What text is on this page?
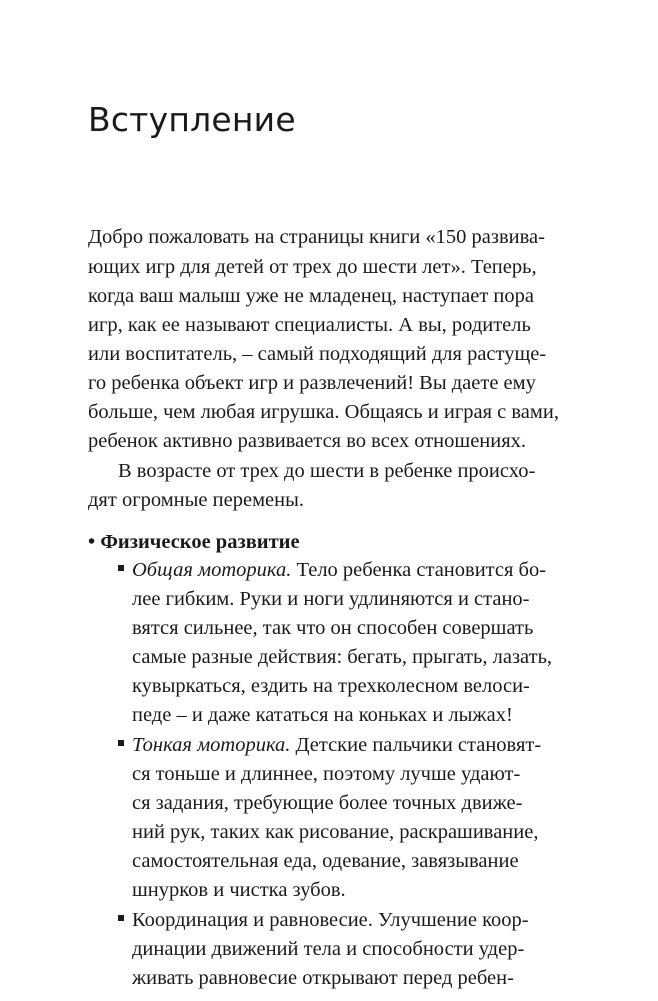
Вступление
Добро пожаловать на страницы книги «150 развива-
ющих игр для детей от трех до шести лет». Теперь,
когда ваш малыш уже не младенец, наступает пора
игр, как ее называют специалисты. А вы, родитель
или воспитатель, – самый подходящий для растуще-
го ребенка объект игр и развлечений! Вы даете ему
больше, чем любая игрушка. Общаясь и играя с вами,
ребенок активно развивается во всех отношениях.
В возрасте от трех до шести в ребенке происхо-
дят огромные перемены.
• Физическое развитие
Общая моторика. Тело ребенка становится бо-
лее гибким. Руки и ноги удлиняются и стано-
вятся сильнее, так что он способен совершать
самые разные действия: бегать, прыгать, лазать,
кувыркаться, ездить на трехколесном велоси-
педе – и даже кататься на коньках и лыжах!
Тонкая моторика. Детские пальчики становят-
ся тоньше и длиннее, поэтому лучше удают-
ся задания, требующие более точных движе-
ний рук, таких как рисование, раскрашивание,
самостоятельная еда, одевание, завязывание
шнурков и чистка зубов.
Координация и равновесие. Улучшение коор-
динации движений тела и способности удер-
живать равновесие открывают перед ребен-
